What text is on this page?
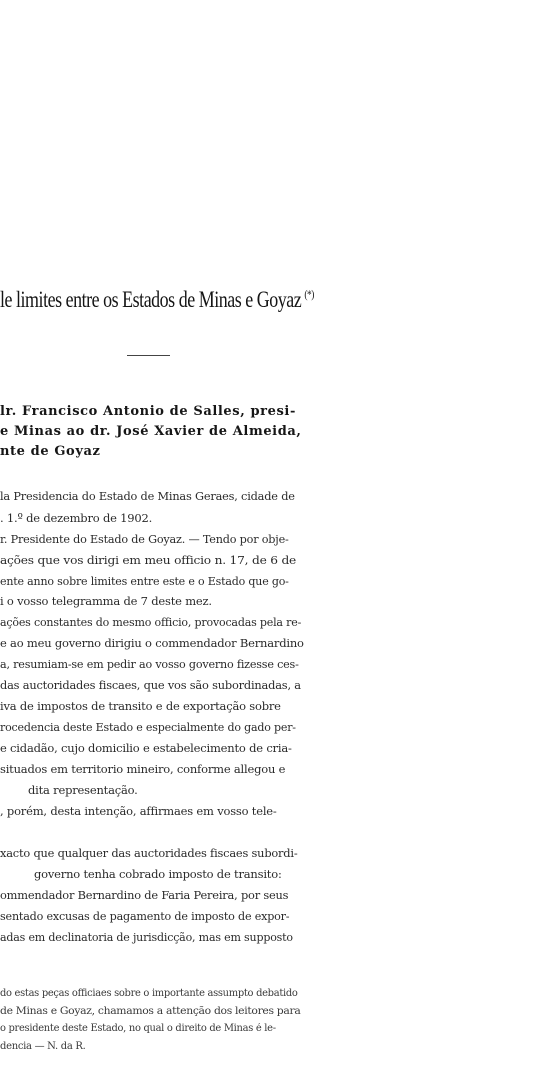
le limites entre os Estados de Minas e Goyaz (*)
lr. Francisco Antonio de Salles, presi-
e Minas ao dr. José Xavier de Almeida,
nte de Goyaz
la Presidencia do Estado de Minas Geraes, cidade de
. 1.º de dezembro de 1902.
r. Presidente do Estado de Goyaz. — Tendo por obje-
ações que vos dirigi em meu officio n. 17, de 6 de
ente anno sobre limites entre este e o Estado que go-
i o vosso telegramma de 7 deste mez.
ações constantes do mesmo officio, provocadas pela re-
e ao meu governo dirigiu o commendador Bernardino
a, resumiam-se em pedir ao vosso governo fizesse ces-
das auctoridades fiscaes, que vos são subordinadas, a
iva de impostos de transito e de exportação sobre
rocedencia deste Estado e especialmente do gado per-
e cidadão, cujo domicilio e estabelecimento de cria-
situados em territorio mineiro, conforme allegou e
dita representação.
, porém, desta intenção, affirmaes em vosso tele-
xacto que qualquer das auctoridades fiscaes subordi-
governo tenha cobrado imposto de transito:
ommendador Bernardino de Faria Pereira, por seus
sentado excusas de pagamento de imposto de expor-
adas em declinatoria de jurisdicção, mas em supposto
do estas peças officiaes sobre o importante assumpto debatido
de Minas e Goyaz, chamamos a attenção dos leitores para
o presidente deste Estado, no qual o direito de Minas é le-
dencia — N. da R.
